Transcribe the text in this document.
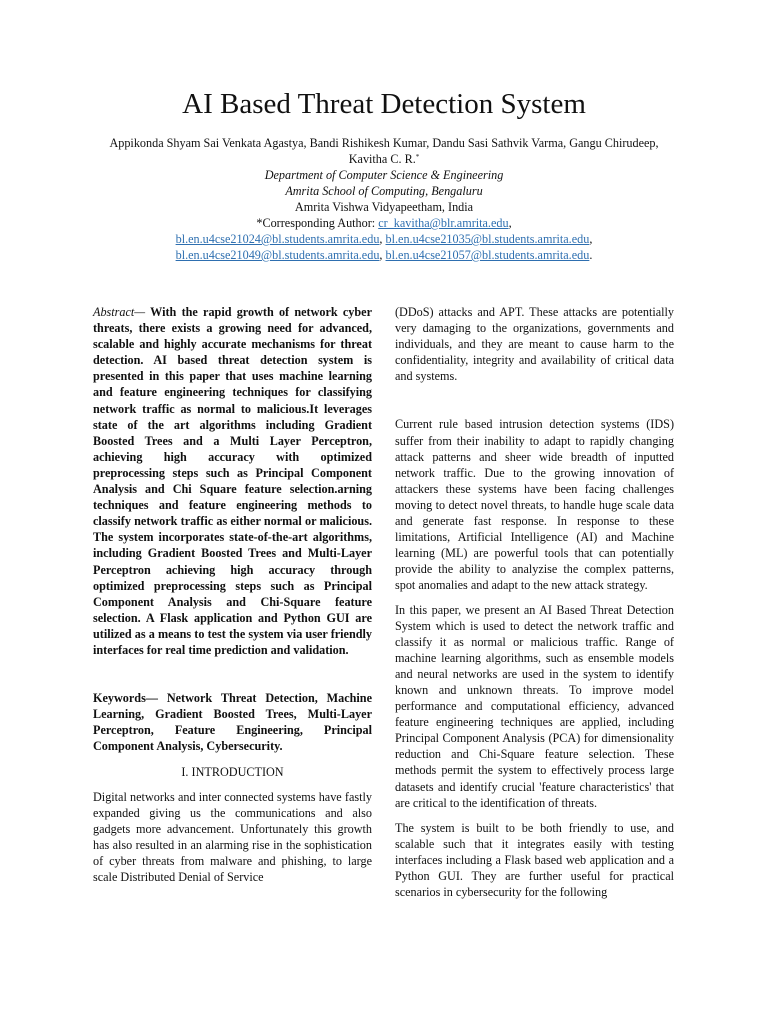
AI Based Threat Detection System
Appikonda Shyam Sai Venkata Agastya, Bandi Rishikesh Kumar, Dandu Sasi Sathvik Varma, Gangu Chirudeep,
Kavitha C. R.*
Department of Computer Science & Engineering
Amrita School of Computing, Bengaluru
Amrita Vishwa Vidyapeetham, India
*Corresponding Author: cr_kavitha@blr.amrita.edu,
bl.en.u4cse21024@bl.students.amrita.edu, bl.en.u4cse21035@bl.students.amrita.edu,
bl.en.u4cse21049@bl.students.amrita.edu, bl.en.u4cse21057@bl.students.amrita.edu.

Abstract— With the rapid growth of network cyber threats, there exists a growing need for advanced, scalable and highly accurate mechanisms for threat detection. AI based threat detection system is presented in this paper that uses machine learning and feature engineering techniques for classifying network traffic as normal to malicious.It leverages state of the art algorithms including Gradient Boosted Trees and a Multi Layer Perceptron, achieving high accuracy with optimized preprocessing steps such as Principal Component Analysis and Chi Square feature selection.arning techniques and feature engineering methods to classify network traffic as either normal or malicious. The system incorporates state-of-the-art algorithms, including Gradient Boosted Trees and Multi-Layer Perceptron achieving high accuracy through optimized preprocessing steps such as Principal Component Analysis and Chi-Square feature selection. A Flask application and Python GUI are utilized as a means to test the system via user friendly interfaces for real time prediction and validation.

Keywords— Network Threat Detection, Machine Learning, Gradient Boosted Trees, Multi-Layer Perceptron, Feature Engineering, Principal Component Analysis, Cybersecurity.

I. INTRODUCTION

Digital networks and inter connected systems have fastly expanded giving us the communications and also gadgets more advancement. Unfortunately this growth has also resulted in an alarming rise in the sophistication of cyber threats from malware and phishing, to large scale Distributed Denial of Service

(DDoS) attacks and APT. These attacks are potentially very damaging to the organizations, governments and individuals, and they are meant to cause harm to the confidentiality, integrity and availability of critical data and systems.

Current rule based intrusion detection systems (IDS) suffer from their inability to adapt to rapidly changing attack patterns and sheer wide breadth of inputted network traffic. Due to the growing innovation of attackers these systems have been facing challenges moving to detect novel threats, to handle huge scale data and generate fast response. In response to these limitations, Artificial Intelligence (AI) and Machine learning (ML) are powerful tools that can potentially provide the ability to analyzise the complex patterns, spot anomalies and adapt to the new attack strategy.

In this paper, we present an AI Based Threat Detection System which is used to detect the network traffic and classify it as normal or malicious traffic. Range of machine learning algorithms, such as ensemble models and neural networks are used in the system to identify known and unknown threats. To improve model performance and computational efficiency, advanced feature engineering techniques are applied, including Principal Component Analysis (PCA) for dimensionality reduction and Chi-Square feature selection. These methods permit the system to effectively process large datasets and identify crucial 'feature characteristics' that are critical to the identification of threats.

The system is built to be both friendly to use, and scalable such that it integrates easily with testing interfaces including a Flask based web application and a Python GUI. They are further useful for practical scenarios in cybersecurity for the following
